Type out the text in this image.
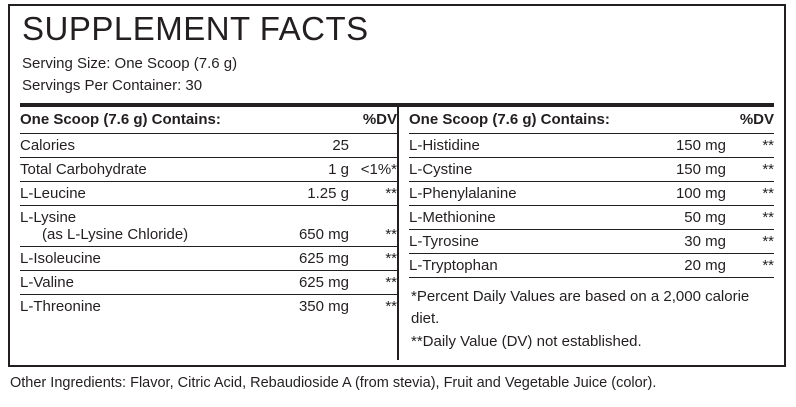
SUPPLEMENT FACTS
Serving Size: One Scoop (7.6 g)
Servings Per Container: 30
One Scoop (7.6 g) Contains:		%DV
Calories	25	
Total Carbohydrate	1 g	<1%*
L-Leucine	1.25 g	**
L-Lysine
(as L-Lysine Chloride)	650 mg	**
L-Isoleucine	625 mg	**
L-Valine	625 mg	**
L-Threonine	350 mg	**
One Scoop (7.6 g) Contains:		%DV
L-Histidine	150 mg	**
L-Cystine	150 mg	**
L-Phenylalanine	100 mg	**
L-Methionine	50 mg	**
L-Tyrosine	30 mg	**
L-Tryptophan	20 mg	**
*Percent Daily Values are based on a 2,000 calorie diet.
**Daily Value (DV) not established.
Other Ingredients: Flavor, Citric Acid, Rebaudioside A (from stevia), Fruit and Vegetable Juice (color).
